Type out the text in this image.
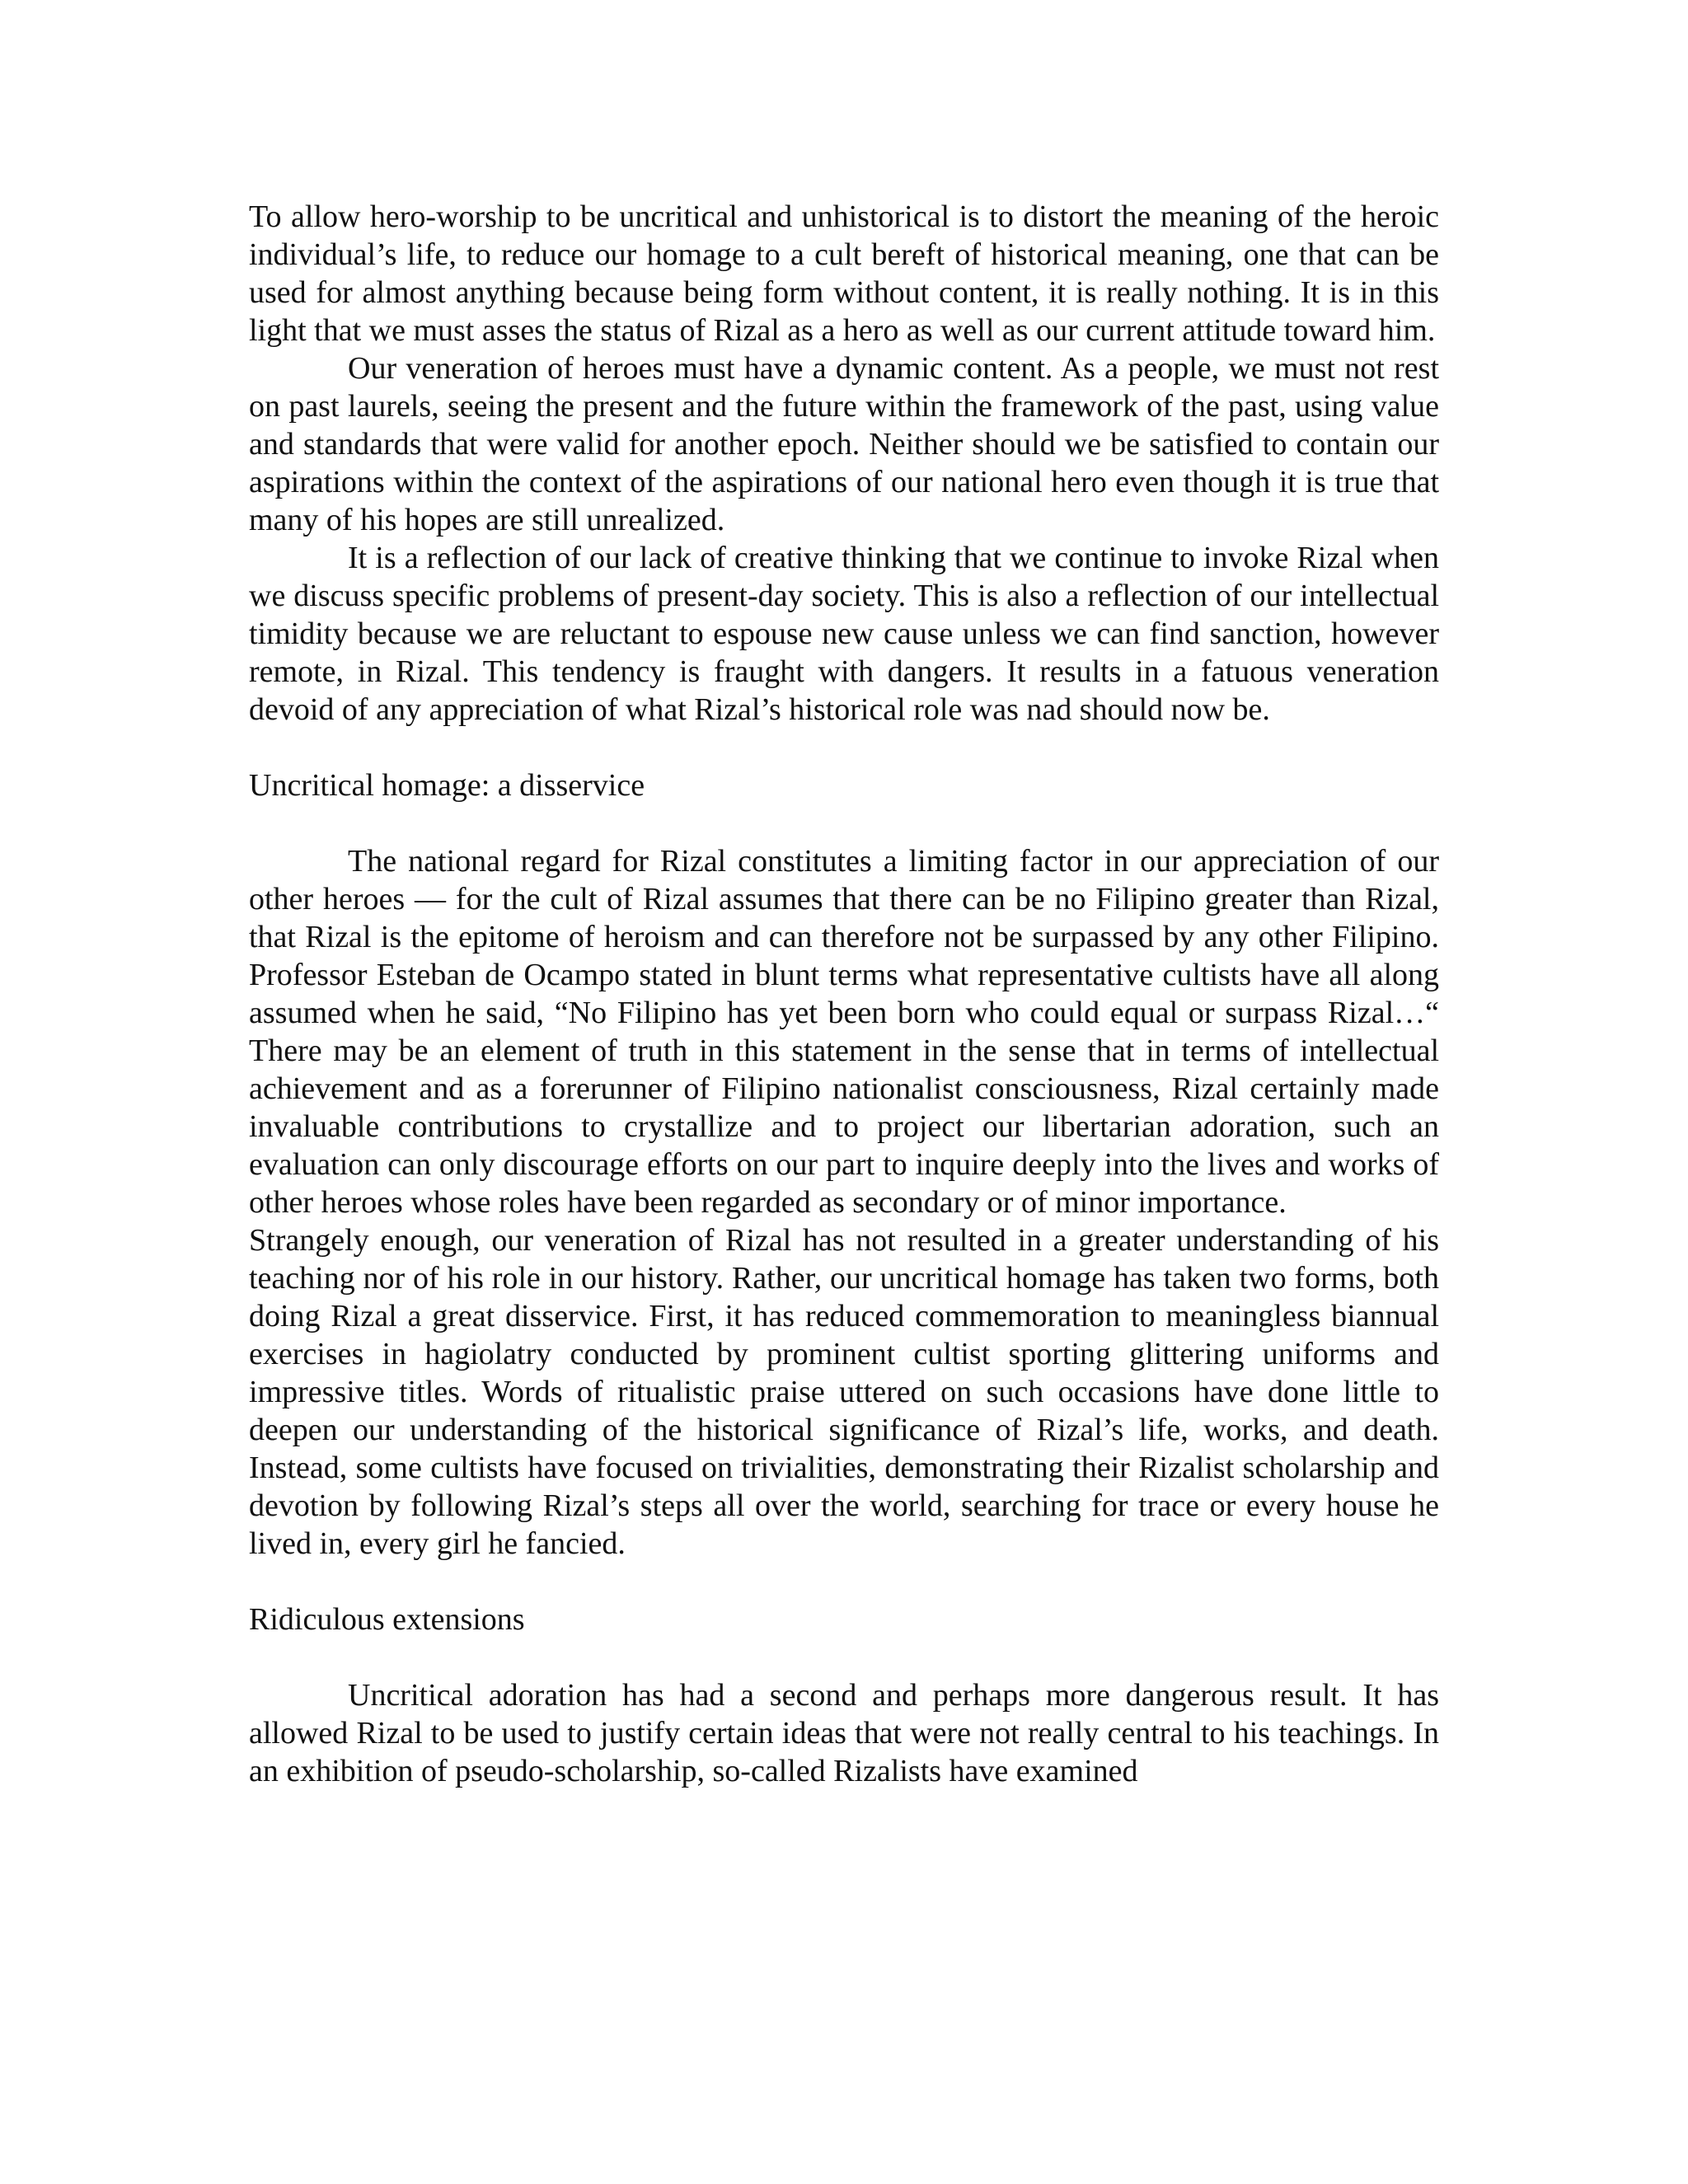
To allow hero-worship to be uncritical and unhistorical is to distort the meaning of the heroic individual’s life, to reduce our homage to a cult bereft of historical meaning, one that can be used for almost anything because being form without content, it is really nothing. It is in this light that we must asses the status of Rizal as a hero as well as our current attitude toward him.

Our veneration of heroes must have a dynamic content. As a people, we must not rest on past laurels, seeing the present and the future within the framework of the past, using value and standards that were valid for another epoch. Neither should we be satisfied to contain our aspirations within the context of the aspirations of our national hero even though it is true that many of his hopes are still unrealized.

It is a reflection of our lack of creative thinking that we continue to invoke Rizal when we discuss specific problems of present-day society. This is also a reflection of our intellectual timidity because we are reluctant to espouse new cause unless we can find sanction, however remote, in Rizal. This tendency is fraught with dangers. It results in a fatuous veneration devoid of any appreciation of what Rizal’s historical role was nad should now be.

Uncritical homage: a disservice

The national regard for Rizal constitutes a limiting factor in our appreciation of our other heroes — for the cult of Rizal assumes that there can be no Filipino greater than Rizal, that Rizal is the epitome of heroism and can therefore not be surpassed by any other Filipino. Professor Esteban de Ocampo stated in blunt terms what representative cultists have all along assumed when he said, “No Filipino has yet been born who could equal or surpass Rizal…“ There may be an element of truth in this statement in the sense that in terms of intellectual achievement and as a forerunner of Filipino nationalist consciousness, Rizal certainly made invaluable contributions to crystallize and to project our libertarian adoration, such an evaluation can only discourage efforts on our part to inquire deeply into the lives and works of other heroes whose roles have been regarded as secondary or of minor importance.

Strangely enough, our veneration of Rizal has not resulted in a greater understanding of his teaching nor of his role in our history. Rather, our uncritical homage has taken two forms, both doing Rizal a great disservice. First, it has reduced commemoration to meaningless biannual exercises in hagiolatry conducted by prominent cultist sporting glittering uniforms and impressive titles. Words of ritualistic praise uttered on such occasions have done little to deepen our understanding of the historical significance of Rizal’s life, works, and death. Instead, some cultists have focused on trivialities, demonstrating their Rizalist scholarship and devotion by following Rizal’s steps all over the world, searching for trace or every house he lived in, every girl he fancied.

Ridiculous extensions

Uncritical adoration has had a second and perhaps more dangerous result. It has allowed Rizal to be used to justify certain ideas that were not really central to his teachings. In an exhibition of pseudo-scholarship, so-called Rizalists have examined
